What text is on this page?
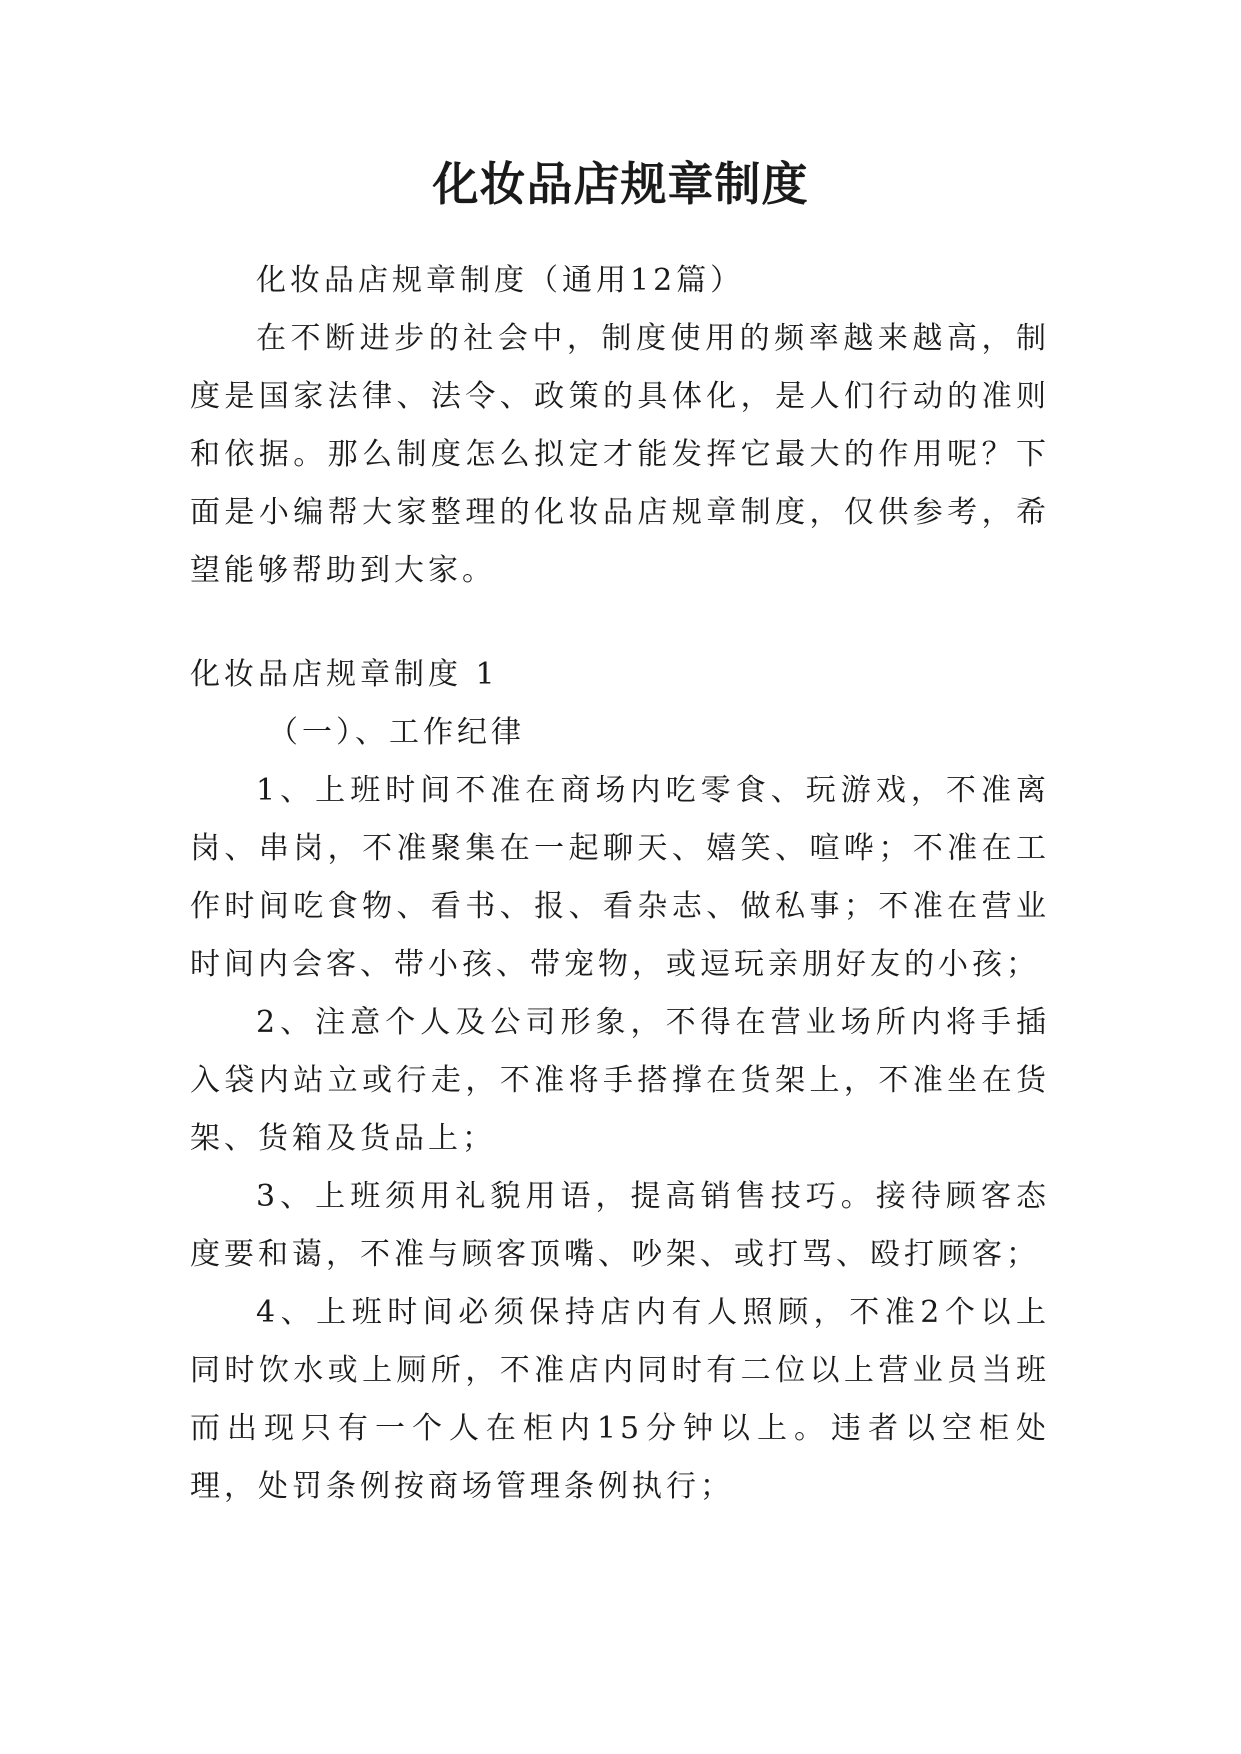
化妆品店规章制度

化妆品店规章制度（通用12篇）

在不断进步的社会中，制度使用的频率越来越高，制度是国家法律、法令、政策的具体化，是人们行动的准则和依据。那么制度怎么拟定才能发挥它最大的作用呢？下面是小编帮大家整理的化妆品店规章制度，仅供参考，希望能够帮助到大家。

化妆品店规章制度 1

（一）、工作纪律

1、上班时间不准在商场内吃零食、玩游戏，不准离岗、串岗，不准聚集在一起聊天、嬉笑、喧哗；不准在工作时间吃食物、看书、报、看杂志、做私事；不准在营业时间内会客、带小孩、带宠物，或逗玩亲朋好友的小孩；

2、注意个人及公司形象，不得在营业场所内将手插入袋内站立或行走，不准将手搭撑在货架上，不准坐在货架、货箱及货品上；

3、上班须用礼貌用语，提高销售技巧。接待顾客态度要和蔼，不准与顾客顶嘴、吵架、或打骂、殴打顾客；

4、上班时间必须保持店内有人照顾，不准2个以上同时饮水或上厕所，不准店内同时有二位以上营业员当班而出现只有一个人在柜内15分钟以上。违者以空柜处理，处罚条例按商场管理条例执行；
